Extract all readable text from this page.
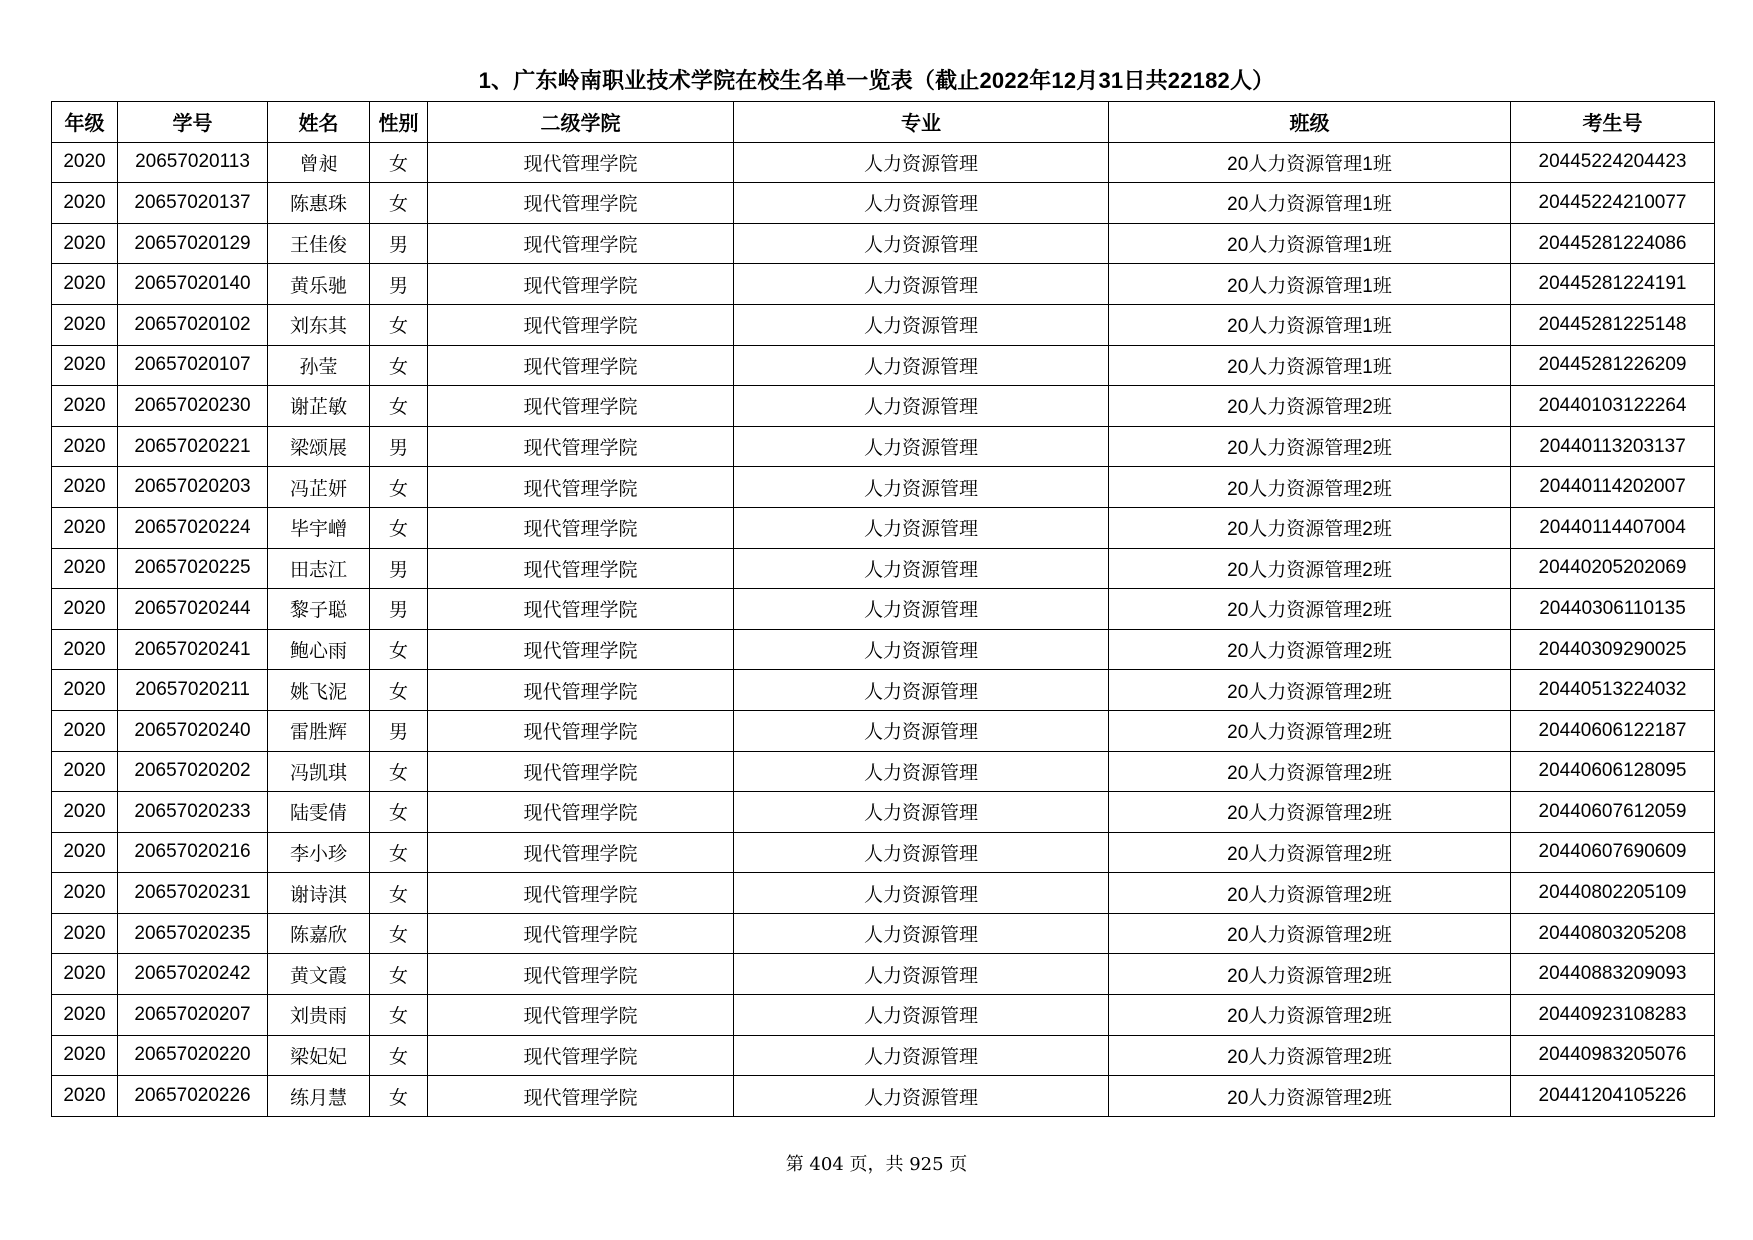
1、广东岭南职业技术学院在校生名单一览表（截止2022年12月31日共22182人）
年级	学号	姓名	性别	二级学院	专业	班级	考生号
2020	20657020113	曾昶	女	现代管理学院	人力资源管理	20人力资源管理1班	20445224204423
2020	20657020137	陈惠珠	女	现代管理学院	人力资源管理	20人力资源管理1班	20445224210077
2020	20657020129	王佳俊	男	现代管理学院	人力资源管理	20人力资源管理1班	20445281224086
2020	20657020140	黄乐驰	男	现代管理学院	人力资源管理	20人力资源管理1班	20445281224191
2020	20657020102	刘东其	女	现代管理学院	人力资源管理	20人力资源管理1班	20445281225148
2020	20657020107	孙莹	女	现代管理学院	人力资源管理	20人力资源管理1班	20445281226209
2020	20657020230	谢芷敏	女	现代管理学院	人力资源管理	20人力资源管理2班	20440103122264
2020	20657020221	梁颂展	男	现代管理学院	人力资源管理	20人力资源管理2班	20440113203137
2020	20657020203	冯芷妍	女	现代管理学院	人力资源管理	20人力资源管理2班	20440114202007
2020	20657020224	毕宇嶒	女	现代管理学院	人力资源管理	20人力资源管理2班	20440114407004
2020	20657020225	田志江	男	现代管理学院	人力资源管理	20人力资源管理2班	20440205202069
2020	20657020244	黎子聪	男	现代管理学院	人力资源管理	20人力资源管理2班	20440306110135
2020	20657020241	鲍心雨	女	现代管理学院	人力资源管理	20人力资源管理2班	20440309290025
2020	20657020211	姚飞泥	女	现代管理学院	人力资源管理	20人力资源管理2班	20440513224032
2020	20657020240	雷胜辉	男	现代管理学院	人力资源管理	20人力资源管理2班	20440606122187
2020	20657020202	冯凯琪	女	现代管理学院	人力资源管理	20人力资源管理2班	20440606128095
2020	20657020233	陆雯倩	女	现代管理学院	人力资源管理	20人力资源管理2班	20440607612059
2020	20657020216	李小珍	女	现代管理学院	人力资源管理	20人力资源管理2班	20440607690609
2020	20657020231	谢诗淇	女	现代管理学院	人力资源管理	20人力资源管理2班	20440802205109
2020	20657020235	陈嘉欣	女	现代管理学院	人力资源管理	20人力资源管理2班	20440803205208
2020	20657020242	黄文霞	女	现代管理学院	人力资源管理	20人力资源管理2班	20440883209093
2020	20657020207	刘贵雨	女	现代管理学院	人力资源管理	20人力资源管理2班	20440923108283
2020	20657020220	梁妃妃	女	现代管理学院	人力资源管理	20人力资源管理2班	20440983205076
2020	20657020226	练月慧	女	现代管理学院	人力资源管理	20人力资源管理2班	20441204105226
第 404 页，共 925 页
